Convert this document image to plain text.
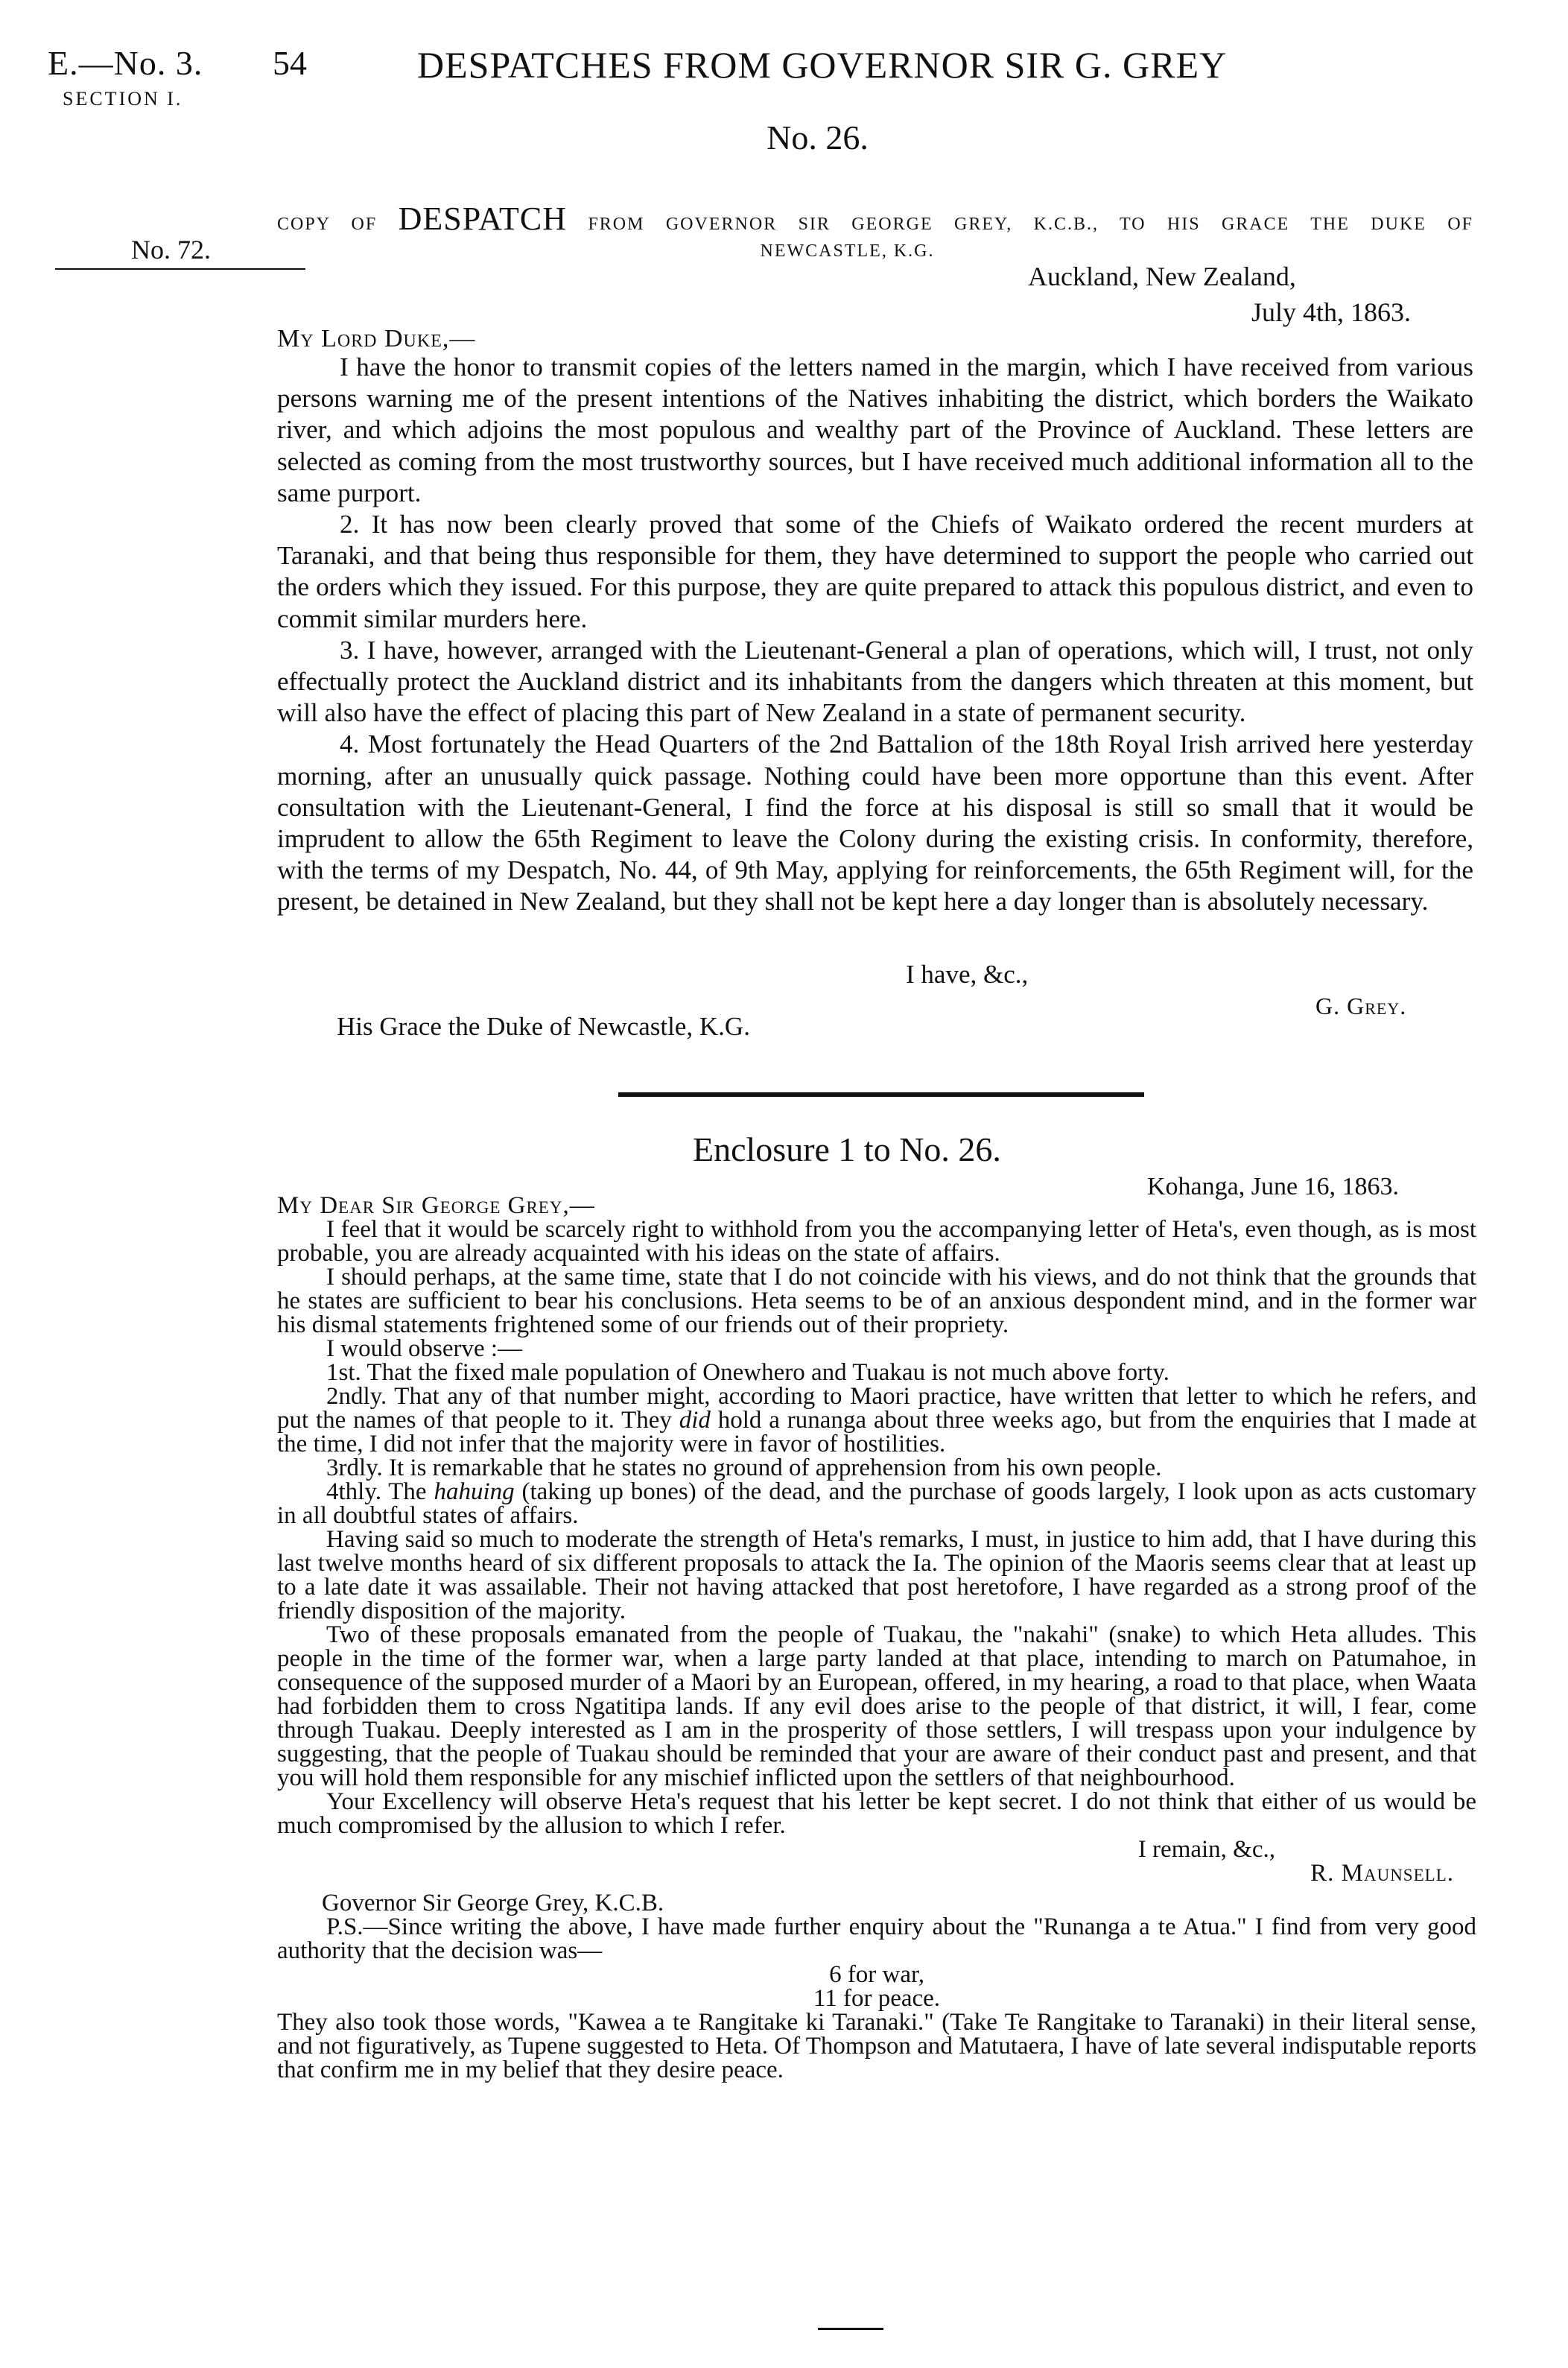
E.—No. 3.
SECTION I.
54	DESPATCHES FROM GOVERNOR SIR G. GREY
No. 26.
No. 72.
COPY OF DESPATCH FROM GOVERNOR SIR GEORGE GREY, K.C.B., TO HIS GRACE THE DUKE OF
NEWCASTLE, K.G.
Auckland, New Zealand,
July 4th, 1863.
My Lord Duke,—

I have the honor to transmit copies of the letters named in the margin, which I have received from various persons warning me of the present intentions of the Natives inhabiting the district, which borders the Waikato river, and which adjoins the most populous and wealthy part of the Province of Auckland. These letters are selected as coming from the most trustworthy sources, but I have received much additional information all to the same purport.

2. It has now been clearly proved that some of the Chiefs of Waikato ordered the recent murders at Taranaki, and that being thus responsible for them, they have determined to support the people who carried out the orders which they issued. For this purpose, they are quite prepared to attack this populous district, and even to commit similar murders here.

3. I have, however, arranged with the Lieutenant-General a plan of operations, which will, I trust, not only effectually protect the Auckland district and its inhabitants from the dangers which threaten at this moment, but will also have the effect of placing this part of New Zealand in a state of permanent security.

4. Most fortunately the Head Quarters of the 2nd Battalion of the 18th Royal Irish arrived here yesterday morning, after an unusually quick passage. Nothing could have been more opportune than this event. After consultation with the Lieutenant-General, I find the force at his disposal is still so small that it would be imprudent to allow the 65th Regiment to leave the Colony during the existing crisis. In conformity, therefore, with the terms of my Despatch, No. 44, of 9th May, applying for reinforcements, the 65th Regiment will, for the present, be detained in New Zealand, but they shall not be kept here a day longer than is absolutely necessary.

I have, &c.,
G. Grey.
His Grace the Duke of Newcastle, K.G.
Enclosure 1 to No. 26.
Kohanga, June 16, 1863.

My Dear Sir George Grey,—

I feel that it would be scarcely right to withhold from you the accompanying letter of Heta's, even though, as is most probable, you are already acquainted with his ideas on the state of affairs.

I should perhaps, at the same time, state that I do not coincide with his views, and do not think that the grounds that he states are sufficient to bear his conclusions. Heta seems to be of an anxious despondent mind, and in the former war his dismal statements frightened some of our friends out of their propriety.

I would observe :—

1st. That the fixed male population of Onewhero and Tuakau is not much above forty.

2ndly. That any of that number might, according to Maori practice, have written that letter to which he refers, and put the names of that people to it. They did hold a runanga about three weeks ago, but from the enquiries that I made at the time, I did not infer that the majority were in favor of hostilities.

3rdly. It is remarkable that he states no ground of apprehension from his own people.

4thly. The hahuing (taking up bones) of the dead, and the purchase of goods largely, I look upon as acts customary in all doubtful states of affairs.

Having said so much to moderate the strength of Heta's remarks, I must, in justice to him add, that I have during this last twelve months heard of six different proposals to attack the Ia. The opinion of the Maoris seems clear that at least up to a late date it was assailable. Their not having attacked that post heretofore, I have regarded as a strong proof of the friendly disposition of the majority.

Two of these proposals emanated from the people of Tuakau, the "nakahi" (snake) to which Heta alludes. This people in the time of the former war, when a large party landed at that place, intending to march on Patumahoe, in consequence of the supposed murder of a Maori by an European, offered, in my hearing, a road to that place, when Waata had forbidden them to cross Ngatitipa lands. If any evil does arise to the people of that district, it will, I fear, come through Tuakau. Deeply interested as I am in the prosperity of those settlers, I will trespass upon your indulgence by suggesting, that the people of Tuakau should be reminded that your are aware of their conduct past and present, and that you will hold them responsible for any mischief inflicted upon the settlers of that neighbourhood.

Your Excellency will observe Heta's request that his letter be kept secret. I do not think that either of us would be much compromised by the allusion to which I refer.

I remain, &c.,

R. Maunsell.

Governor Sir George Grey, K.C.B.

P.S.—Since writing the above, I have made further enquiry about the "Runanga a te Atua." I find from very good authority that the decision was—

6 for war,

11 for peace.

They also took those words, "Kawea a te Rangitake ki Taranaki." (Take Te Rangitake to Taranaki) in their literal sense, and not figuratively, as Tupene suggested to Heta. Of Thompson and Matutaera, I have of late several indisputable reports that confirm me in my belief that they desire peace.
